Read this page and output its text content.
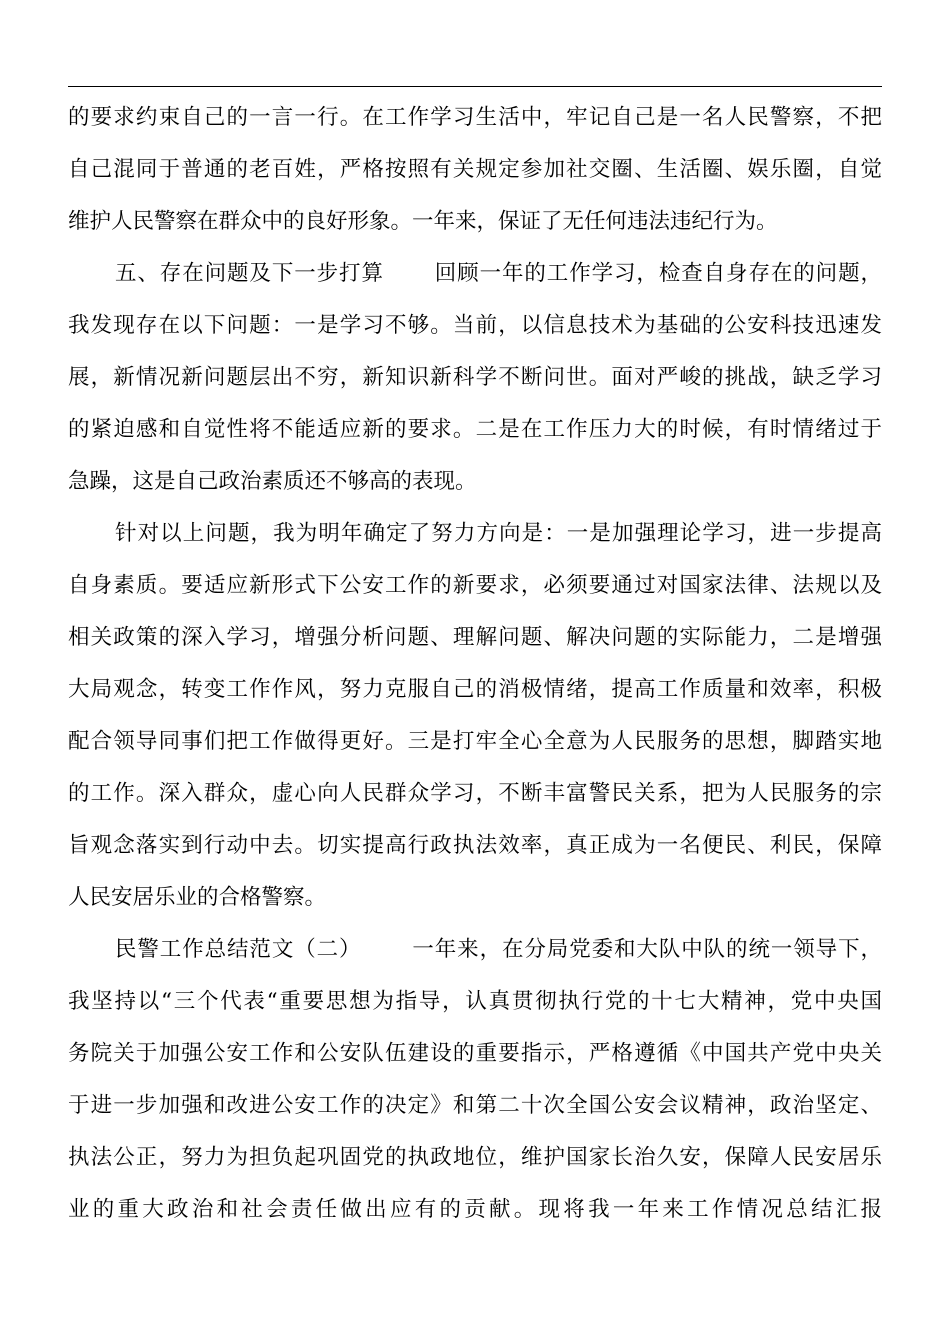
的要求约束自己的一言一行。在工作学习生活中，牢记自己是一名人民警察，不把
自己混同于普通的老百姓，严格按照有关规定参加社交圈、生活圈、娱乐圈，自觉
维护人民警察在群众中的良好形象。一年来，保证了无任何违法违纪行为。
五、存在问题及下一步打算 回顾一年的工作学习，检查自身存在的问题，
我发现存在以下问题：一是学习不够。当前，以信息技术为基础的公安科技迅速发
展，新情况新问题层出不穷，新知识新科学不断问世。面对严峻的挑战，缺乏学习
的紧迫感和自觉性将不能适应新的要求。二是在工作压力大的时候，有时情绪过于
急躁，这是自己政治素质还不够高的表现。
针对以上问题，我为明年确定了努力方向是：一是加强理论学习，进一步提高
自身素质。要适应新形式下公安工作的新要求，必须要通过对国家法律、法规以及
相关政策的深入学习，增强分析问题、理解问题、解决问题的实际能力，二是增强
大局观念，转变工作作风，努力克服自己的消极情绪，提高工作质量和效率，积极
配合领导同事们把工作做得更好。三是打牢全心全意为人民服务的思想，脚踏实地
的工作。深入群众，虚心向人民群众学习，不断丰富警民关系，把为人民服务的宗
旨观念落实到行动中去。切实提高行政执法效率，真正成为一名便民、利民，保障
人民安居乐业的合格警察。
民警工作总结范文（二） 一年来，在分局党委和大队中队的统一领导下，
我坚持以“三个代表“重要思想为指导，认真贯彻执行党的十七大精神，党中央国
务院关于加强公安工作和公安队伍建设的重要指示，严格遵循《中国共产党中央关
于进一步加强和改进公安工作的决定》和第二十次全国公安会议精神，政治坚定、
执法公正，努力为担负起巩固党的执政地位，维护国家长治久安，保障人民安居乐
业的重大政治和社会责任做出应有的贡献。现将我一年来工作情况总结汇报
